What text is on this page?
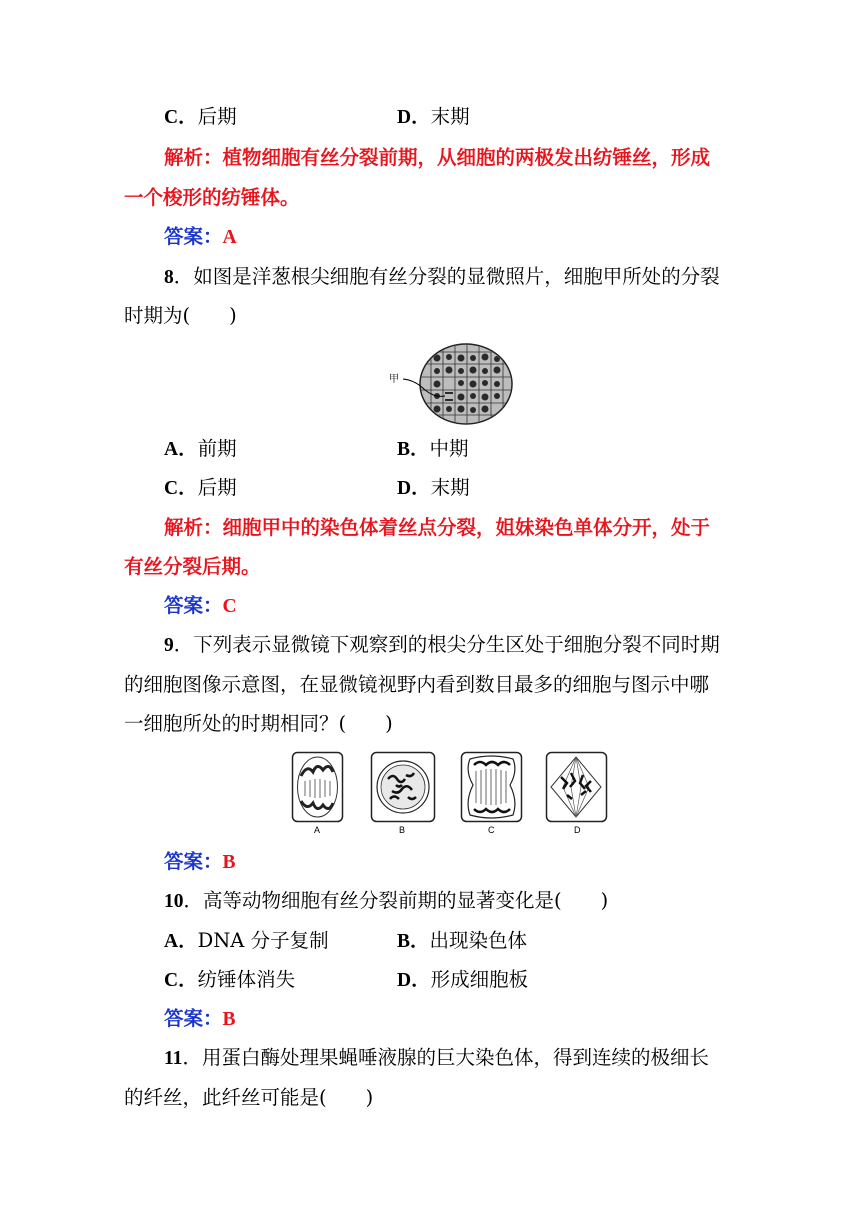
C．后期	D．末期
解析：植物细胞有丝分裂前期，从细胞的两极发出纺锤丝，形成
一个梭形的纺锤体。
答案：A
8．如图是洋葱根尖细胞有丝分裂的显微照片，细胞甲所处的分裂
时期为(　　)
甲
A．前期	B．中期
C．后期	D．末期
解析：细胞甲中的染色体着丝点分裂，姐妹染色单体分开，处于
有丝分裂后期。
答案：C
9．下列表示显微镜下观察到的根尖分生区处于细胞分裂不同时期
的细胞图像示意图，在显微镜视野内看到数目最多的细胞与图示中哪
一细胞所处的时期相同？(　　)
A	B	C	D
答案：B
10．高等动物细胞有丝分裂前期的显著变化是(　　)
A．DNA 分子复制	B．出现染色体
C．纺锤体消失	D．形成细胞板
答案：B
11．用蛋白酶处理果蝇唾液腺的巨大染色体，得到连续的极细长
的纤丝，此纤丝可能是(　　)
